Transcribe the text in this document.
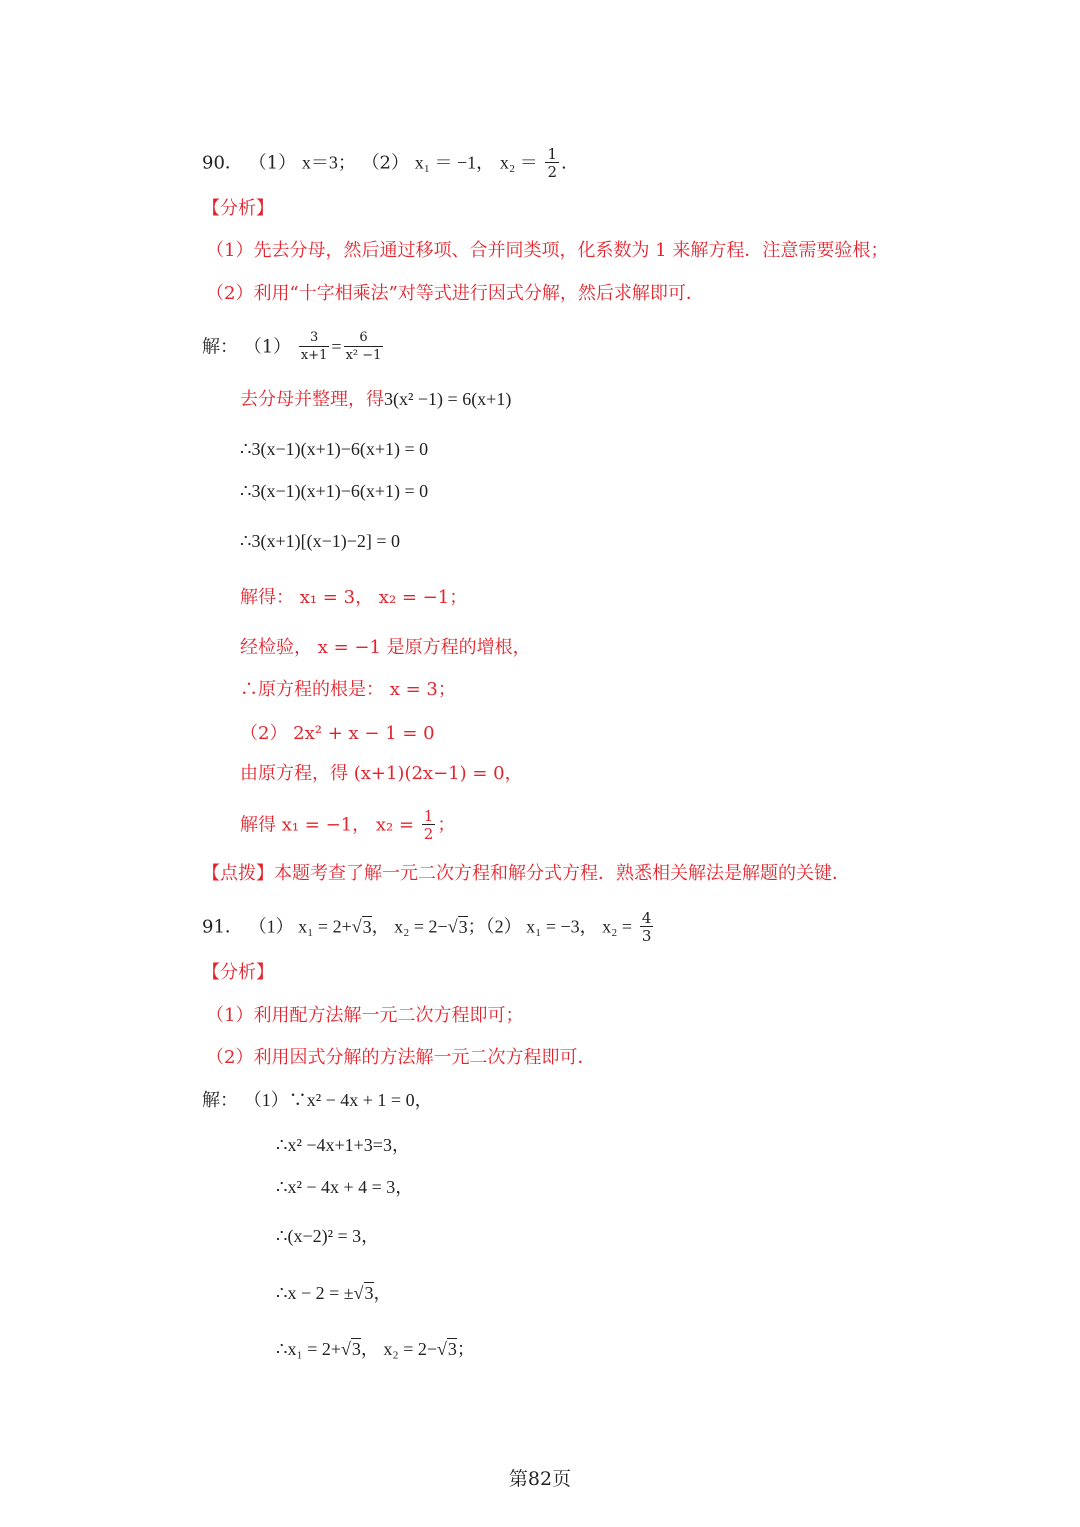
90． （1） x＝3； （2） x₁ ＝ −1， $x_2 = \frac{1}{2}$ .
【分析】
（1）先去分母，然后通过移项、合并同类项，化系数为 1 来解方程．注意需要验根；
（2）利用“十字相乘法”对等式进行因式分解，然后求解即可．
解： $(1) \frac{3}{x+1} = \frac{6}{\text{x² −1}}$
去分母并整理，得3(x² −1) = 6(x+1)
∴3(x−1)(x+1)−6(x+1) = 0
∴3(x−1)(x+1)−6(x+1) = 0
∴3(x+1)[(x−1)−2] = 0
解得： x₁ = 3， x₂ = −1；
经检验， x = −1 是原方程的增根，
∴原方程的根是： x = 3；
（2） 2x² + x − 1 = 0
由原方程，得 (x+1)(2x−1) = 0，
解得 x₁ = −1， $x_2 = \frac{1}{2}$ ；
【点拨】本题考查了解一元二次方程和解分式方程．熟悉相关解法是解题的关键．
91． （1） x₁ = 2+√3， x₂ = 2−√3；（2） x₁ = −3， $x_2 = \frac{4}{3}$
【分析】
（1）利用配方法解一元二次方程即可；
（2）利用因式分解的方法解一元二次方程即可．
解： （1）∵x² − 4x + 1 = 0，
∴x² −4x+1+3=3，
∴x² − 4x + 4 = 3，
∴(x−2)² = 3，
∴x − 2 = ±√3，
∴x₁ = 2+√3， x₂ = 2−√3；
第82页
